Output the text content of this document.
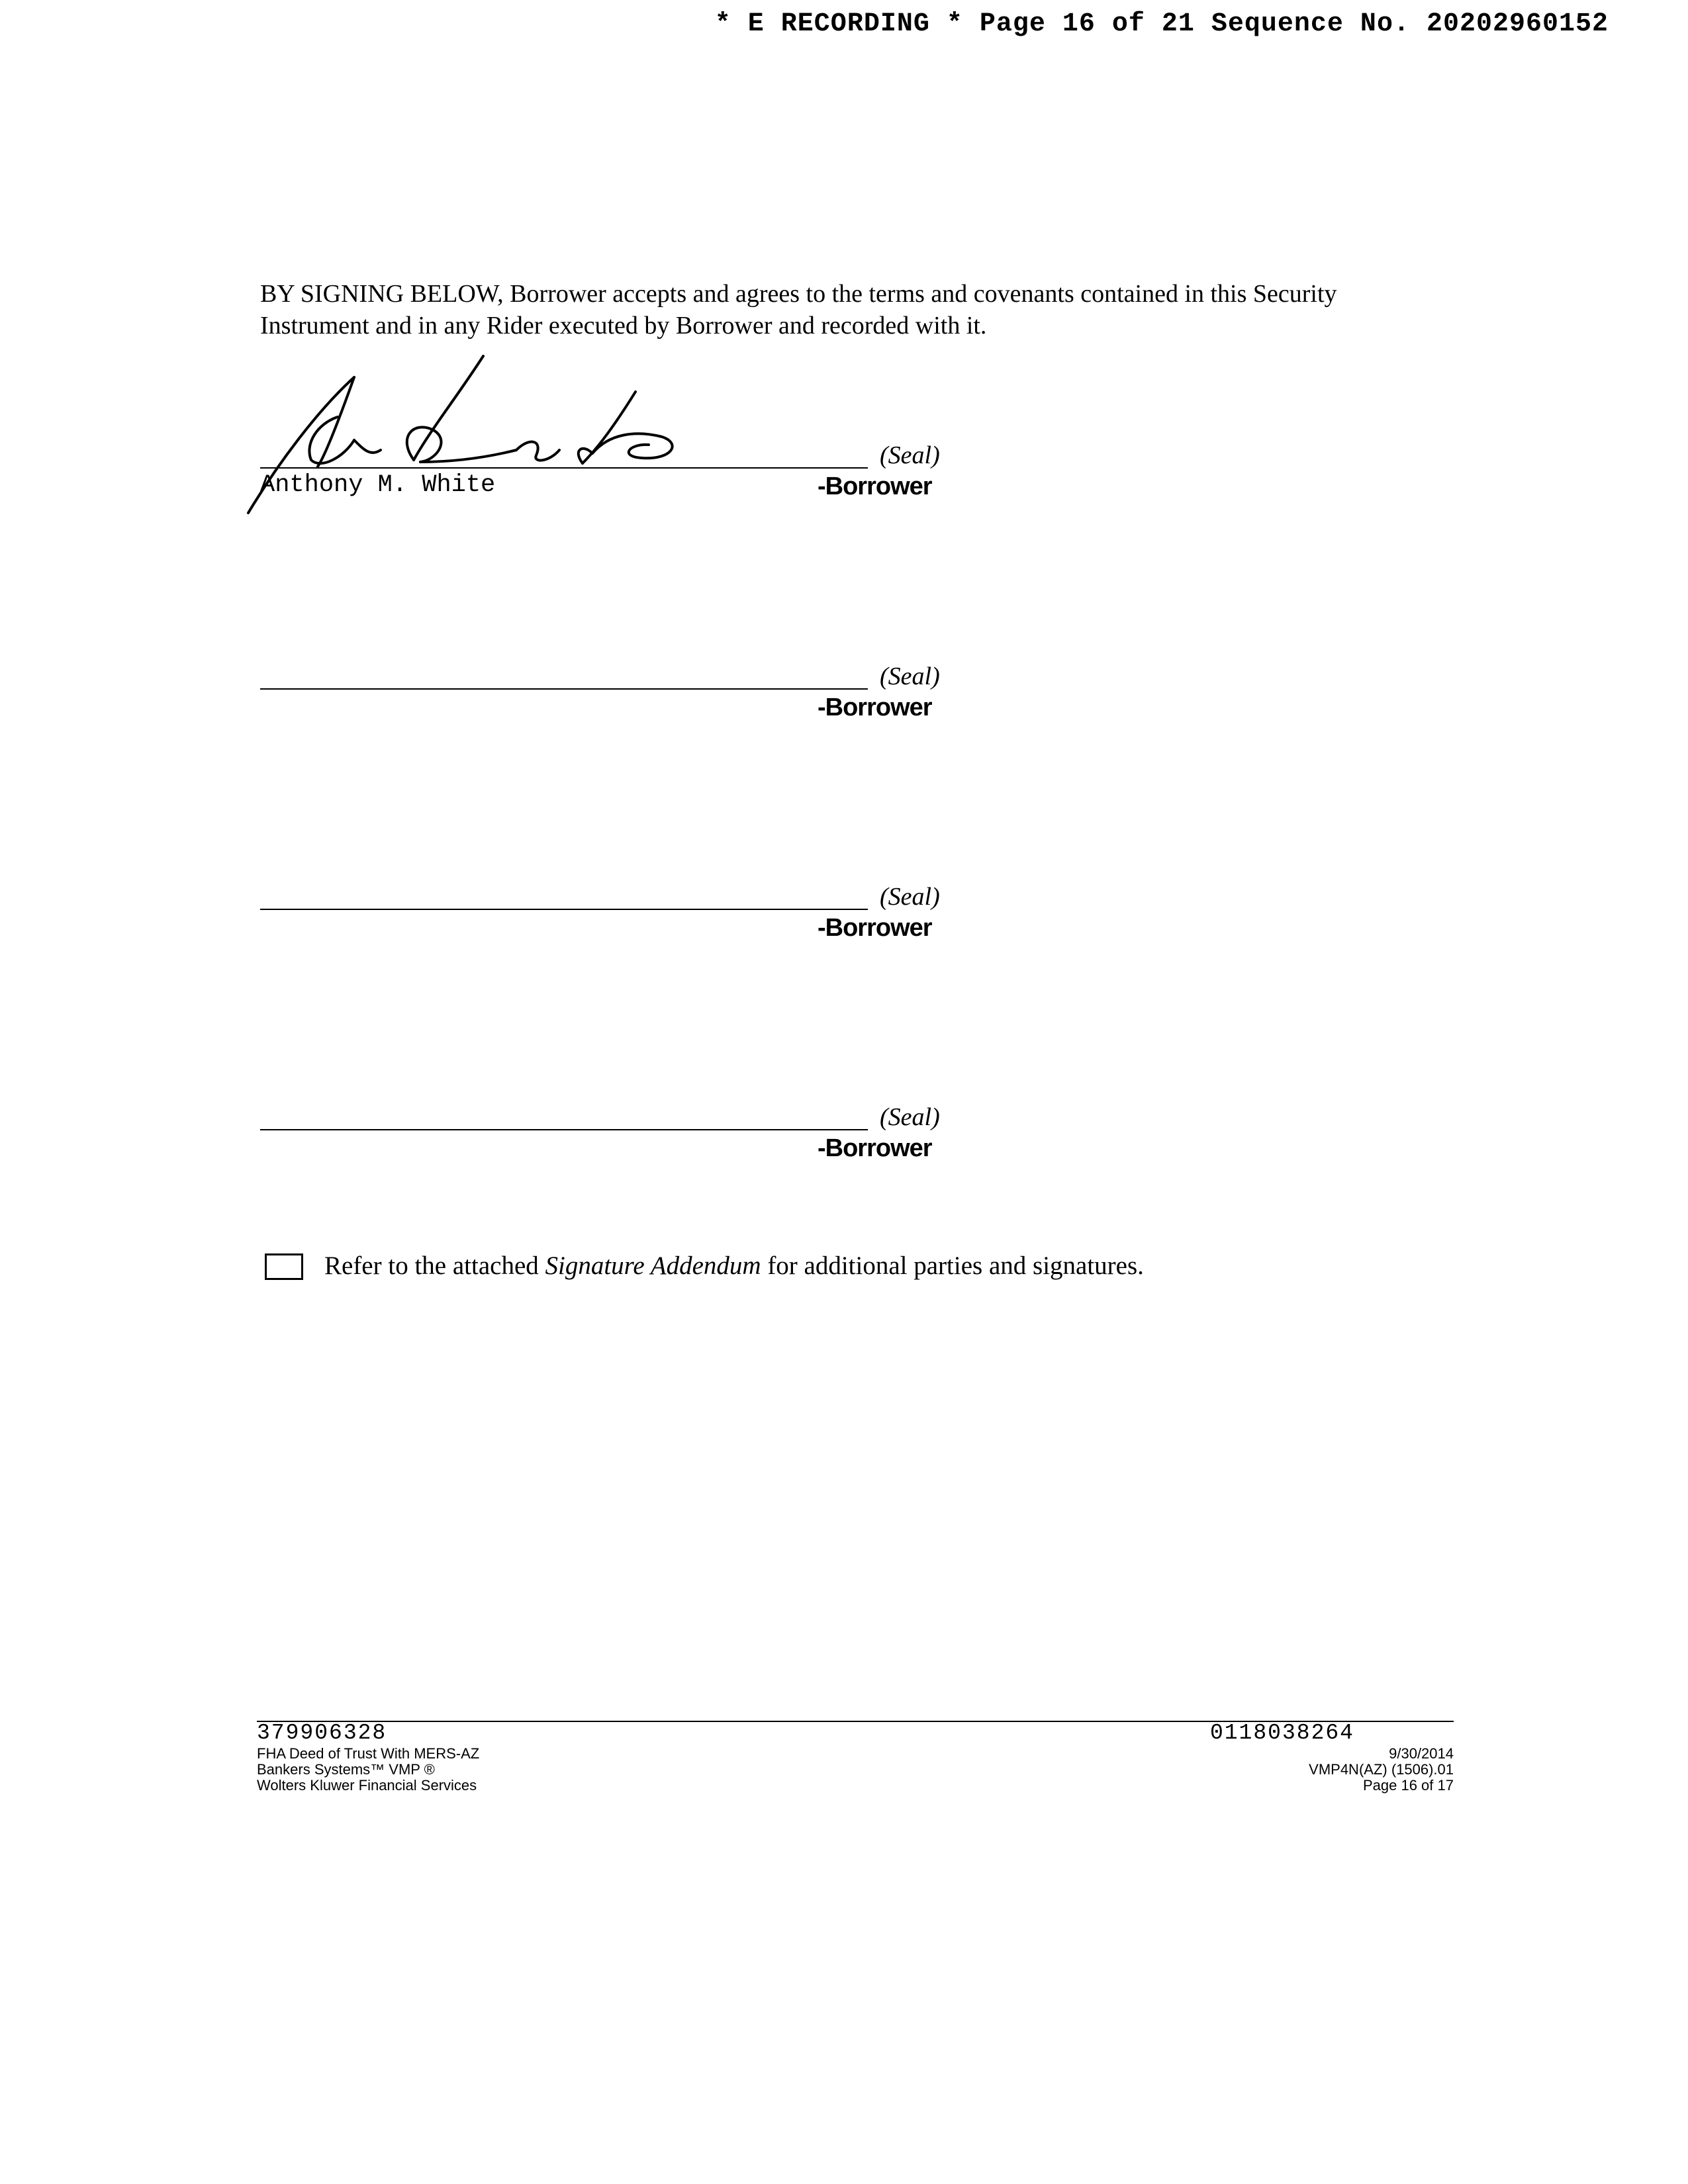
* E RECORDING * Page 16 of 21 Sequence No. 20202960152

BY SIGNING BELOW, Borrower accepts and agrees to the terms and covenants contained in this Security

Instrument and in any Rider executed by Borrower and recorded with it.

(Seal)
Anthony M. White	-Borrower
(Seal)
-Borrower
(Seal)
-Borrower
(Seal)
-Borrower
Refer to the attached Signature Addendum for additional parties and signatures.
379906328
FHA Deed of Trust With MERS-AZ
Bankers Systems™ VMP ®
Wolters Kluwer Financial Services
0118038264
9/30/2014
VMP4N(AZ) (1506).01
Page 16 of 17
